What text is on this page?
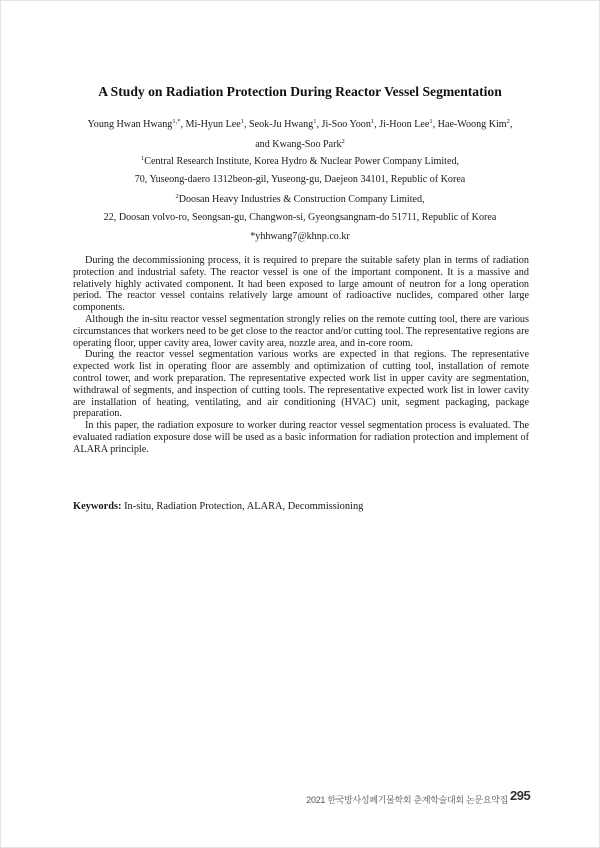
A Study on Radiation Protection During Reactor Vessel Segmentation
Young Hwan Hwang$^{1,*}$, Mi-Hyun Lee$^1$, Seok-Ju Hwang$^1$, Ji-Soo Yoon$^1$, Ji-Hoon Lee$^1$, Hae-Woong Kim$^2$,
and Kwang-Soo Park$^2$
$^1$Central Research Institute, Korea Hydro & Nuclear Power Company Limited,
70, Yuseong-daero 1312beon-gil, Yuseong-gu, Daejeon 34101, Republic of Korea
$^2$Doosan Heavy Industries & Construction Company Limited,
22, Doosan volvo-ro, Seongsan-gu, Changwon-si, Gyeongsangnam-do 51711, Republic of Korea
*yhhwang7@khnp.co.kr

During the decommissioning process, it is required to prepare the suitable safety plan in terms of radiation protection and industrial safety. The reactor vessel is one of the important component. It is a massive and relatively highly activated component. It had been exposed to large amount of neutron for a long operation period. The reactor vessel contains relatively large amount of radioactive nuclides, compared other large components.

Although the in-situ reactor vessel segmentation strongly relies on the remote cutting tool, there are various circumstances that workers need to be get close to the reactor and/or cutting tool. The representative regions are operating floor, upper cavity area, lower cavity area, nozzle area, and in-core room.

During the reactor vessel segmentation various works are expected in that regions. The representative expected work list in operating floor are assembly and optimization of cutting tool, installation of remote control tower, and work preparation. The representative expected work list in upper cavity are segmentation, withdrawal of segments, and inspection of cutting tools. The representative expected work list in lower cavity are installation of heating, ventilating, and air conditioning (HVAC) unit, segment packaging, package preparation.

In this paper, the radiation exposure to worker during reactor vessel segmentation process is evaluated. The evaluated radiation exposure dose will be used as a basic information for radiation protection and implement of ALARA principle.

Keywords: In-situ, Radiation Protection, ALARA, Decommissioning
2021 한국방사성폐기물학회 춘계학술대회 논문요약집 295
